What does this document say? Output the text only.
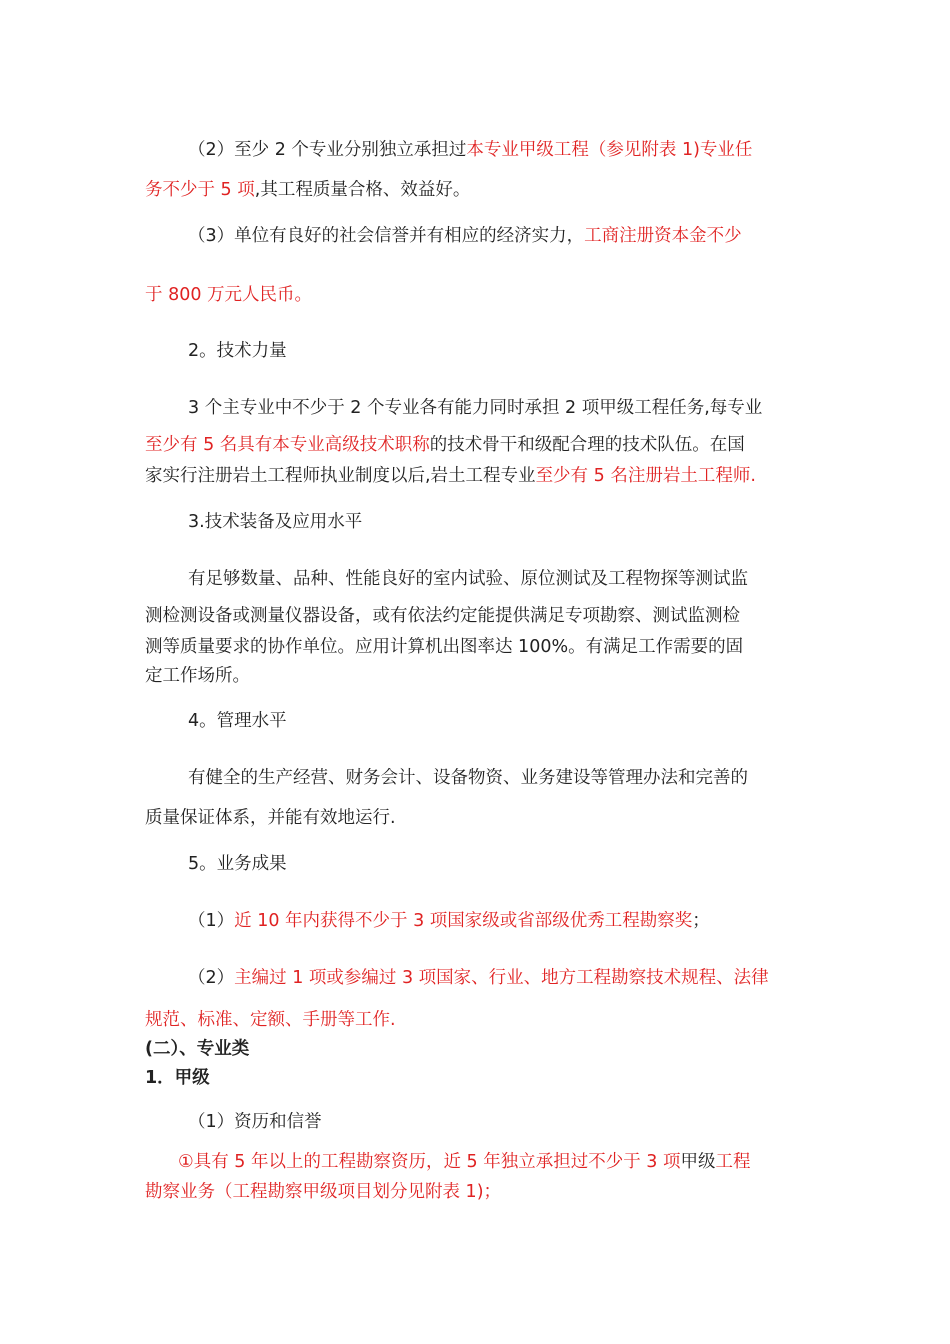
（2）至少 2 个专业分别独立承担过本专业甲级工程（参见附表 1)专业任
务不少于 5 项,其工程质量合格、效益好。
（3）单位有良好的社会信誉并有相应的经济实力，工商注册资本金不少
于 800 万元人民币。
2。技术力量
3 个主专业中不少于 2 个专业各有能力同时承担 2 项甲级工程任务,每专业
至少有 5 名具有本专业高级技术职称的技术骨干和级配合理的技术队伍。在国
家实行注册岩土工程师执业制度以后,岩土工程专业至少有 5 名注册岩土工程师.
3.技术装备及应用水平
有足够数量、品种、性能良好的室内试验、原位测试及工程物探等测试监
测检测设备或测量仪器设备，或有依法约定能提供满足专项勘察、测试监测检
测等质量要求的协作单位。应用计算机出图率达 100%。有满足工作需要的固
定工作场所。
4。管理水平
有健全的生产经营、财务会计、设备物资、业务建设等管理办法和完善的
质量保证体系，并能有效地运行.
5。业务成果
（1）近 10 年内获得不少于 3 项国家级或省部级优秀工程勘察奖；
（2）主编过 1 项或参编过 3 项国家、行业、地方工程勘察技术规程、法律
规范、标准、定额、手册等工作.
(二）、专业类
1．甲级
（1）资历和信誉
①具有 5 年以上的工程勘察资历，近 5 年独立承担过不少于 3 项甲级工程
勘察业务（工程勘察甲级项目划分见附表 1)；
